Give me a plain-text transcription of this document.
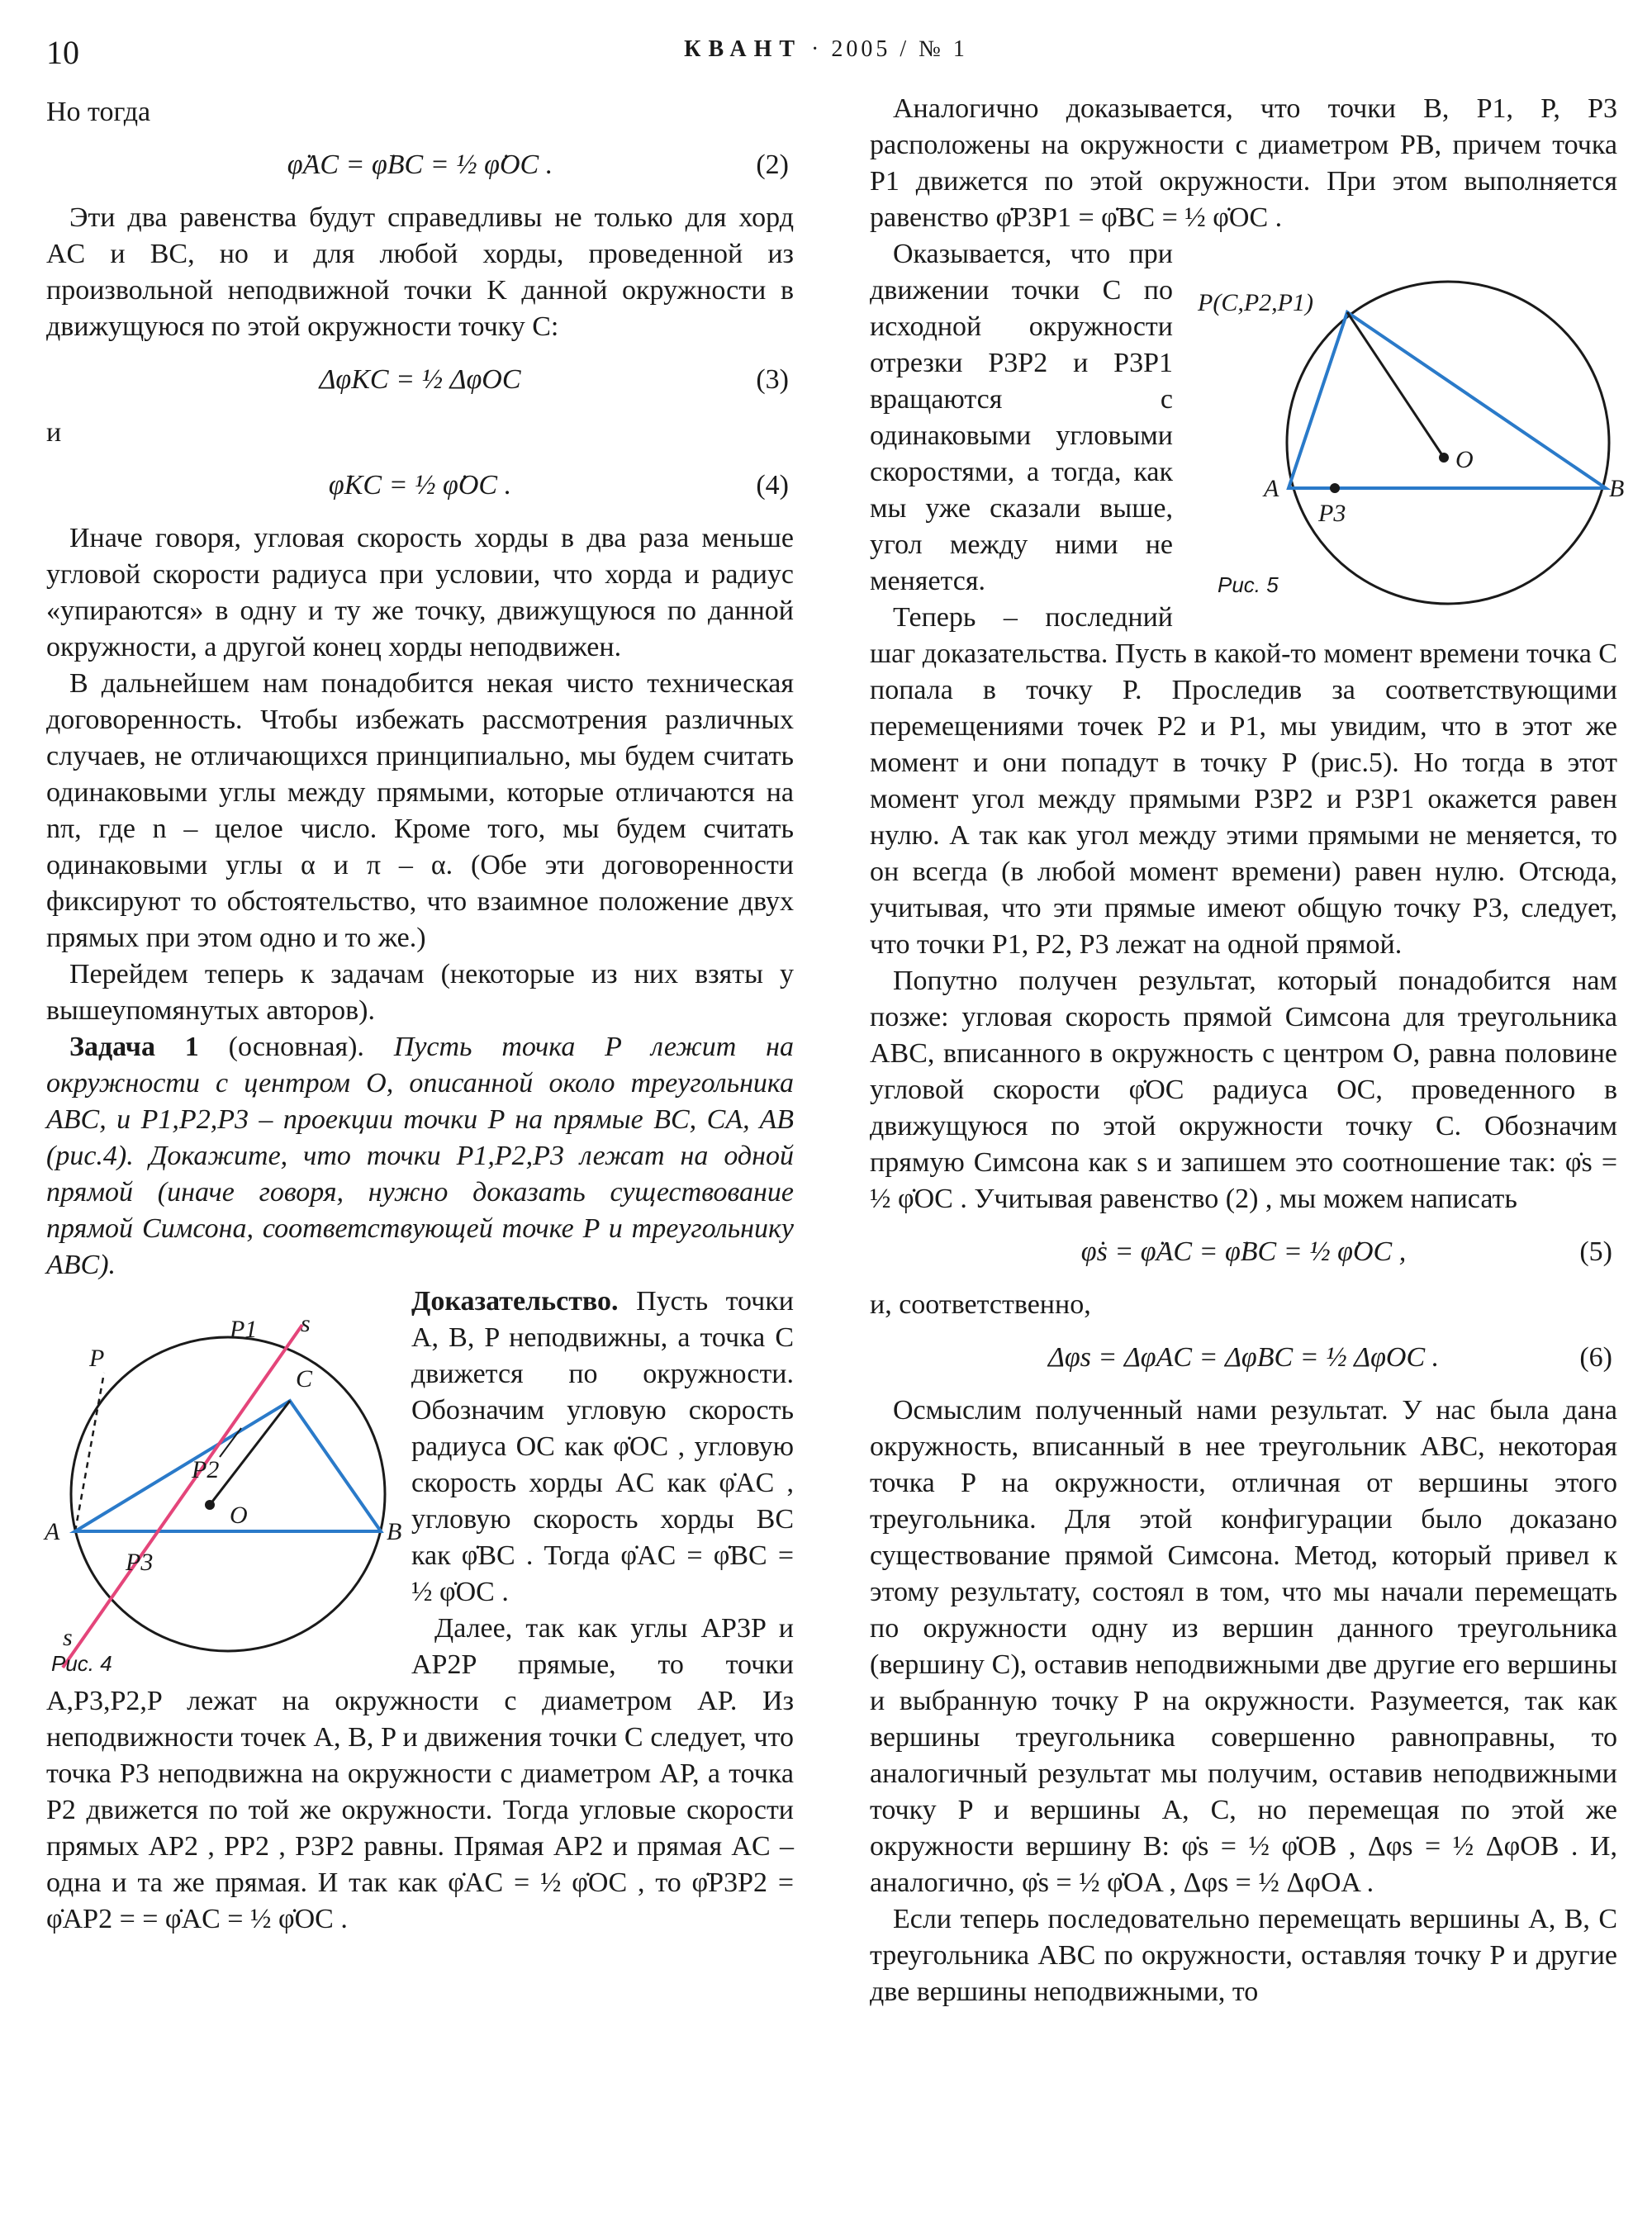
10	КВАНТ · 2005 / № 1

Но тогда

φ̇AC = φ̇BC = ½ φ̇OC .	(2)

Эти два равенства будут справедливы не только для хорд AC и BC, но и для любой хорды, проведенной из произвольной неподвижной точки K данной окружности в движущуюся по этой окружности точку C:

ΔφKC = ½ ΔφOC	(3)

и

φ̇KC = ½ φ̇OC .	(4)

Иначе говоря, угловая скорость хорды в два раза меньше угловой скорости радиуса при условии, что хорда и радиус «упираются» в одну и ту же точку, движущуюся по данной окружности, а другой конец хорды неподвижен.

В дальнейшем нам понадобится некая чисто техническая договоренность. Чтобы избежать рассмотрения различных случаев, не отличающихся принципиально, мы будем считать одинаковыми углы между прямыми, которые отличаются на nπ, где n – целое число. Кроме того, мы будем считать одинаковыми углы α и π – α. (Обе эти договоренности фиксируют то обстоятельство, что взаимное положение двух прямых при этом одно и то же.)

Перейдем теперь к задачам (некоторые из них взяты у вышеупомянутых авторов).

Задача 1 (основная). Пусть точка P лежит на окружности с центром O, описанной около треугольника ABC, и P1,P2,P3 – проекции точки P на прямые BC, CA, AB (рис.4). Докажите, что точки P1,P2,P3 лежат на одной прямой (иначе говоря, нужно доказать существование прямой Симсона, соответствующей точке P и треугольнику ABC).

P1 s
C
P
P2
O
A	B
P3
s
Рис. 4

Доказательство. Пусть точки A, B, P неподвижны, а точка C движется по окружности. Обозначим угловую скорость радиуса OC как φ̇OC , угловую скорость хорды AC как φ̇AC , угловую скорость хорды BC как φ̇BC . Тогда φ̇AC = φ̇BC = ½ φ̇OC .

Далее, так как углы AP3P и AP2P прямые, то точки A,P3,P2,P лежат на окружности с диаметром AP. Из неподвижности точек A, B, P и движения точки C следует, что точка P3 неподвижна на окружности с диаметром AP, а точка P2 движется по той же окружности. Тогда угловые скорости прямых AP2 , PP2 , P3P2 равны. Прямая AP2 и прямая AC – одна и та же прямая. И так как φ̇AC = ½ φ̇OC , то φ̇P3P2 = φ̇AP2 = = φ̇AC = ½ φ̇OC .

Аналогично доказывается, что точки B, P1, P, P3 расположены на окружности с диаметром PB, причем точка P1 движется по этой окружности. При этом выполняется равенство φ̇P3P1 = φ̇BC = ½ φ̇OC .

P(C,P2,P1)
O
A	B
P3
Рис. 5

Оказывается, что при движении точки C по исходной окружности отрезки P3P2 и P3P1 вращаются с одинаковыми угловыми скоростями, а тогда, как мы уже сказали выше, угол между ними не меняется.

Теперь – последний шаг доказательства. Пусть в какой-то момент времени точка C попала в точку P. Проследив за соответствующими перемещениями точек P2 и P1, мы увидим, что в этот же момент и они попадут в точку P (рис.5). Но тогда в этот момент угол между прямыми P3P2 и P3P1 окажется равен нулю. А так как угол между этими прямыми не меняется, то он всегда (в любой момент времени) равен нулю. Отсюда, учитывая, что эти прямые имеют общую точку P3, следует, что точки P1, P2, P3 лежат на одной прямой.

Попутно получен результат, который понадобится нам позже: угловая скорость прямой Симсона для треугольника ABC, вписанного в окружность с центром O, равна половине угловой скорости φ̇OC радиуса OC, проведенного в движущуюся по этой окружности точку C. Обозначим прямую Симсона как s и запишем это соотношение так: φ̇s = ½ φ̇OC . Учитывая равенство (2) , мы можем написать

φ̇s = φ̇AC = φ̇BC = ½ φ̇OC ,	(5)

и, соответственно,

Δφs = ΔφAC = ΔφBC = ½ ΔφOC .	(6)

Осмыслим полученный нами результат. У нас была дана окружность, вписанный в нее треугольник ABC, некоторая точка P на окружности, отличная от вершины этого треугольника. Для этой конфигурации было доказано существование прямой Симсона. Метод, который привел к этому результату, состоял в том, что мы начали перемещать по окружности одну из вершин данного треугольника (вершину C), оставив неподвижными две другие его вершины и выбранную точку P на окружности. Разумеется, так как вершины треугольника совершенно равноправны, то аналогичный результат мы получим, оставив неподвижными точку P и вершины A, C, но перемещая по этой же окружности вершину B: φ̇s = ½ φ̇OB , Δφs = ½ ΔφOB . И, аналогично, φ̇s = ½ φ̇OA , Δφs = ½ ΔφOA .

Если теперь последовательно перемещать вершины A, B, C треугольника ABC по окружности, оставляя точку P и другие две вершины неподвижными, то
